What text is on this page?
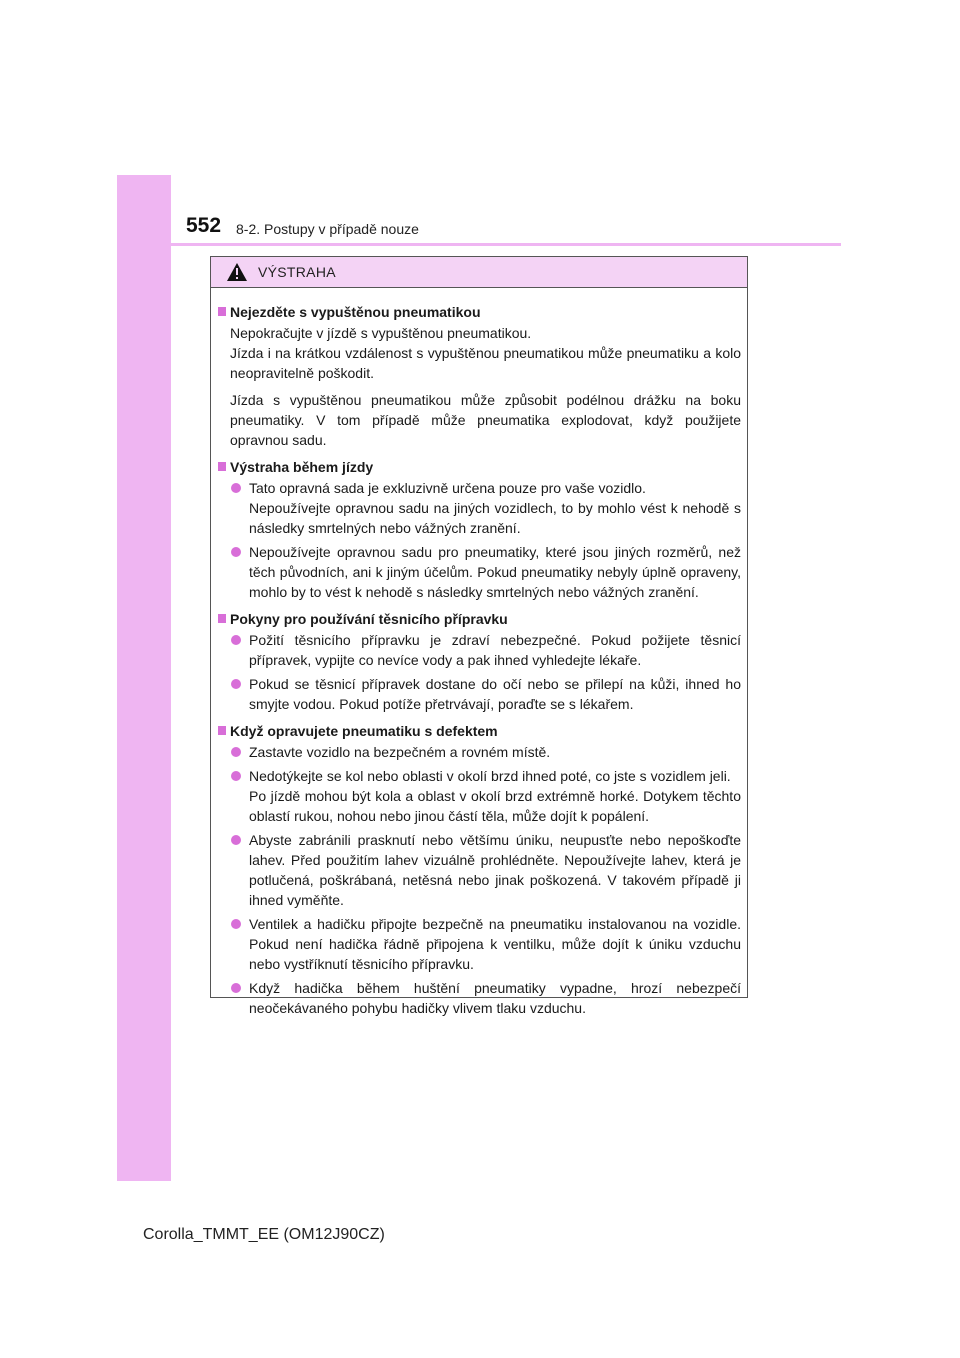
552 8-2. Postupy v případě nouze
VÝSTRAHA
Nejezděte s vypuštěnou pneumatikou
Nepokračujte v jízdě s vypuštěnou pneumatikou.
Jízda i na krátkou vzdálenost s vypuštěnou pneumatikou může pneumatiku a kolo neopravitelně poškodit.
Jízda s vypuštěnou pneumatikou může způsobit podélnou drážku na boku pneumatiky. V tom případě může pneumatika explodovat, když použijete opravnou sadu.
Výstraha během jízdy

Tato opravná sada je exkluzivně určena pouze pro vaše vozidlo.
Nepoužívejte opravnou sadu na jiných vozidlech, to by mohlo vést k nehodě s následky smrtelných nebo vážných zranění.

Nepoužívejte opravnou sadu pro pneumatiky, které jsou jiných rozměrů, než těch původních, ani k jiným účelům. Pokud pneumatiky nebyly úplně opraveny, mohlo by to vést k nehodě s následky smrtelných nebo vážných zranění.

Pokyny pro používání těsnicího přípravku

Požití těsnicího přípravku je zdraví nebezpečné. Pokud požijete těsnicí přípravek, vypijte co nevíce vody a pak ihned vyhledejte lékaře.

Pokud se těsnicí přípravek dostane do očí nebo se přilepí na kůži, ihned ho smyjte vodou. Pokud potíže přetrvávají, poraďte se s lékařem.

Když opravujete pneumatiku s defektem

Zastavte vozidlo na bezpečném a rovném místě.

Nedotýkejte se kol nebo oblasti v okolí brzd ihned poté, co jste s vozidlem jeli.
Po jízdě mohou být kola a oblast v okolí brzd extrémně horké. Dotykem těchto oblastí rukou, nohou nebo jinou částí těla, může dojít k popálení.

Abyste zabránili prasknutí nebo většímu úniku, neupusťte nebo nepoškoďte lahev. Před použitím lahev vizuálně prohlédněte. Nepoužívejte lahev, která je potlučená, poškrábaná, netěsná nebo jinak poškozená. V takovém případě ji ihned vyměňte.

Ventilek a hadičku připojte bezpečně na pneumatiku instalovanou na vozidle. Pokud není hadička řádně připojena k ventilku, může dojít k úniku vzduchu nebo vystříknutí těsnicího přípravku.

Když hadička během huštění pneumatiky vypadne, hrozí nebezpečí neočekávaného pohybu hadičky vlivem tlaku vzduchu.

Corolla_TMMT_EE (OM12J90CZ)
